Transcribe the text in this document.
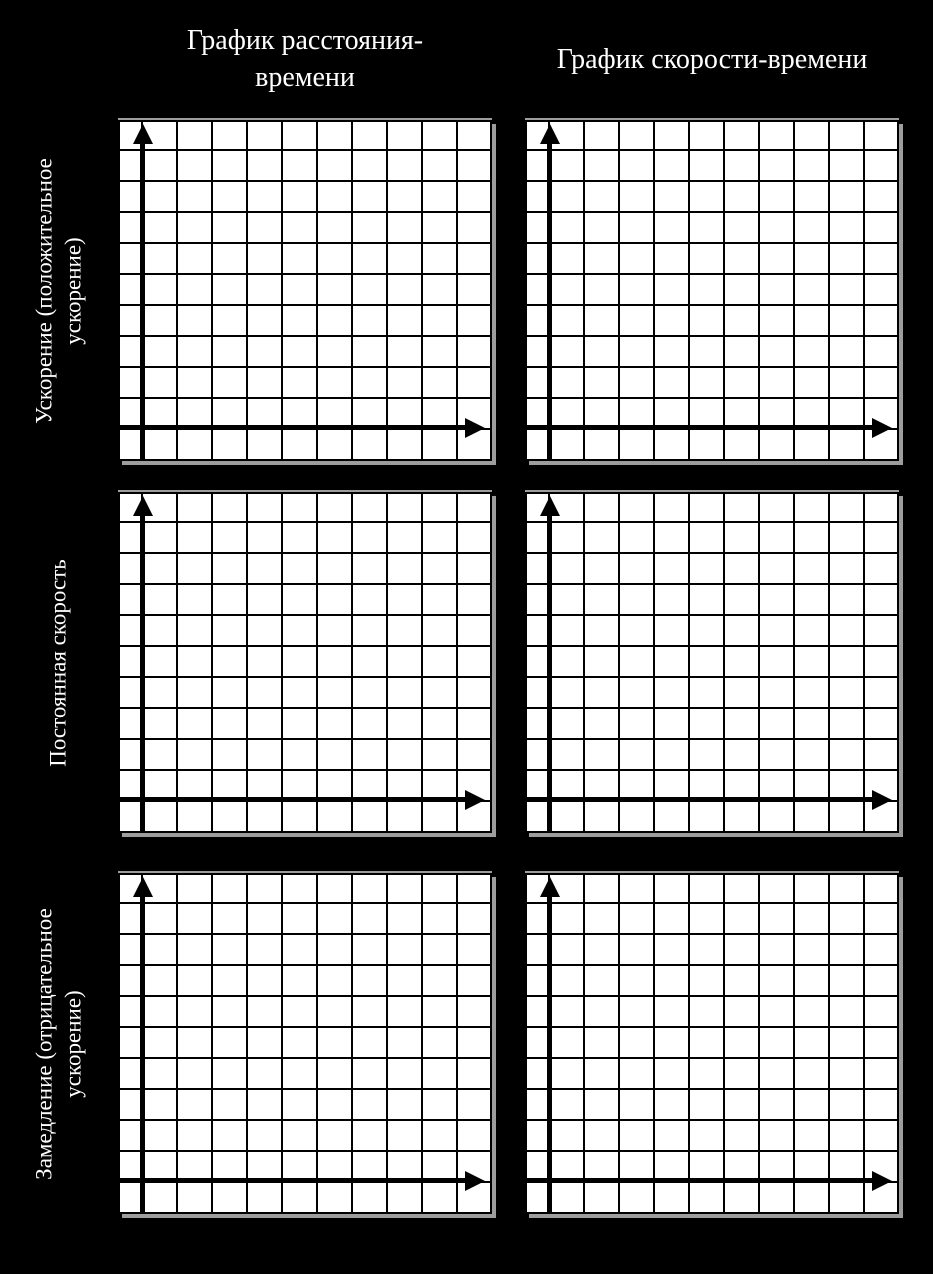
График расстояния-времени
График скорости-времени
Ускорение (положительное ускорение)
Постоянная скорость
Замедление (отрицательное ускорение)
